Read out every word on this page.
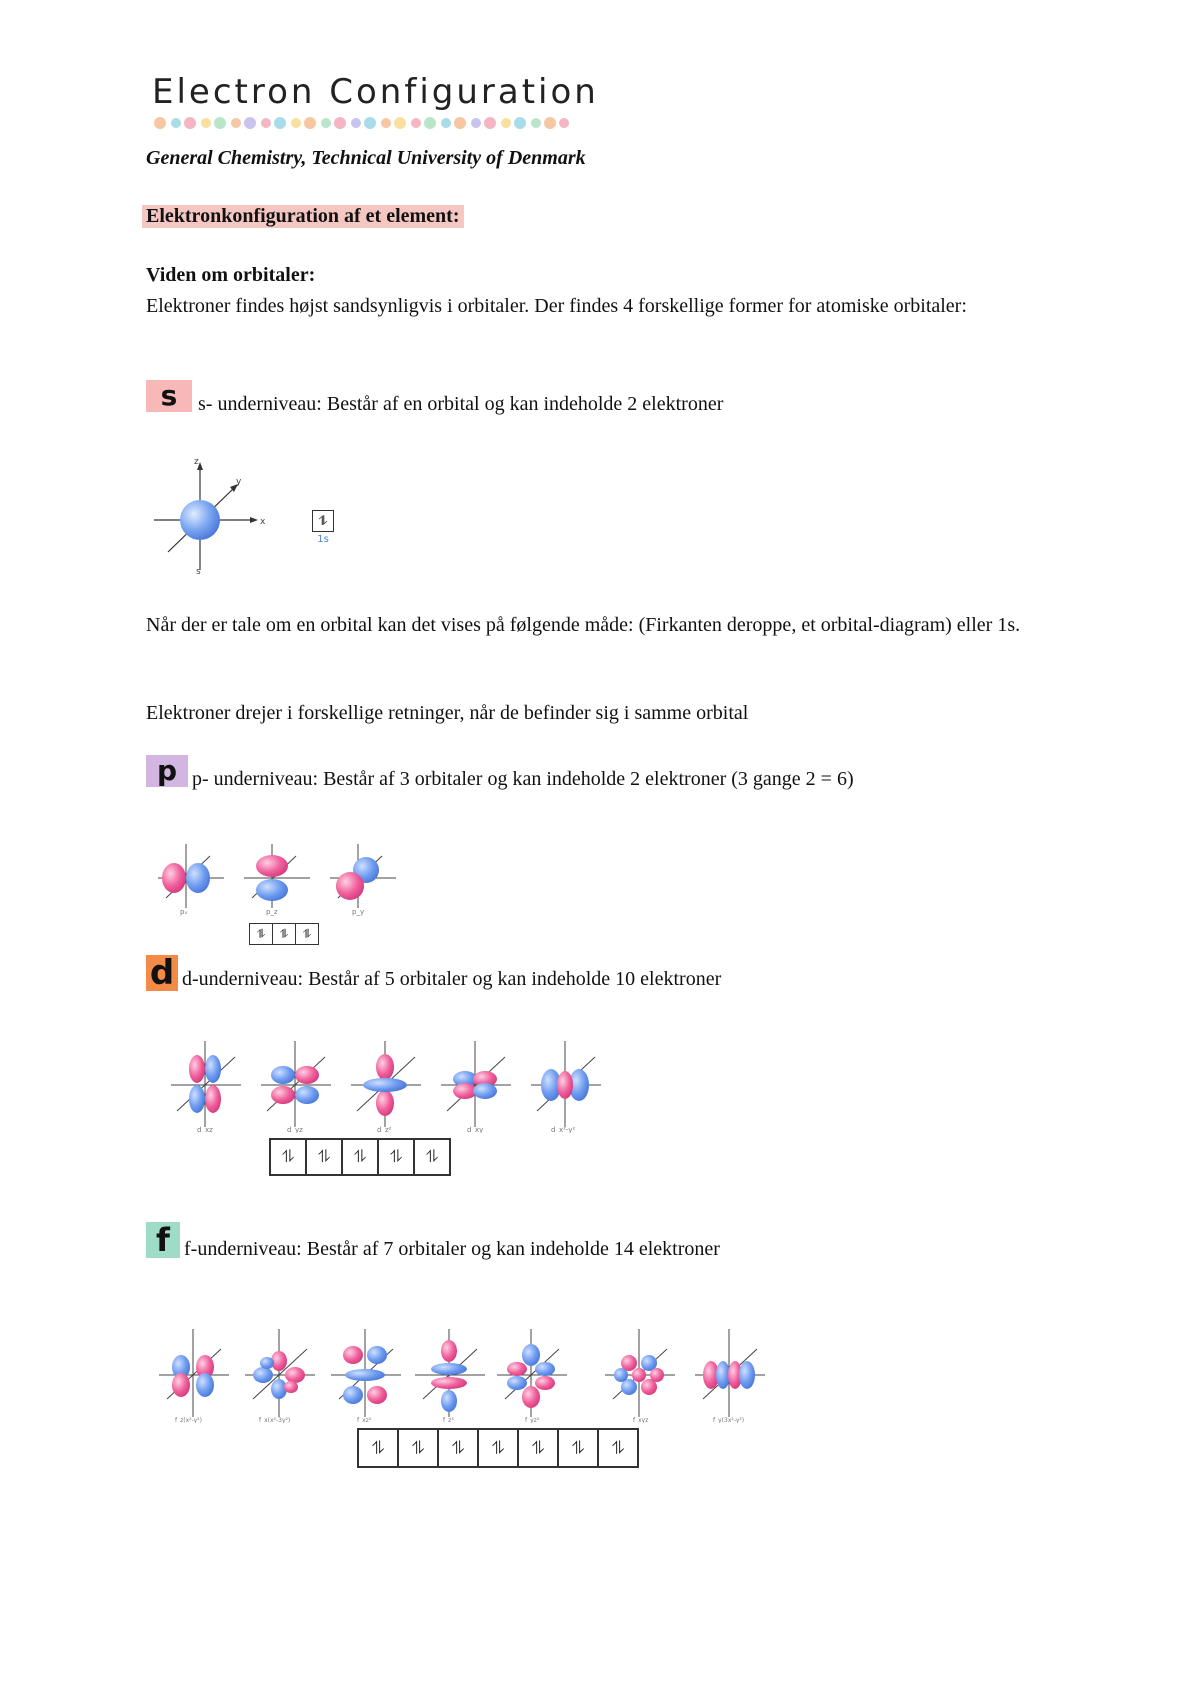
Electron Configuration
General Chemistry, Technical University of Denmark
Elektronkonfiguration af et element:
Viden om orbitaler:
Elektroner findes højst sandsynligvis i orbitaler. Der findes 4 forskellige former for atomiske orbitaler:
s	s- underniveau: Består af en orbital og kan indeholde 2 elektroner
z
x
y
s
⥮
1s
Når der er tale om en orbital kan det vises på følgende måde: (Firkanten deroppe, et orbital-diagram) eller 1s.
Elektroner drejer i forskellige retninger, når de befinder sig i samme orbital
p p- underniveau: Består af 3 orbitaler og kan indeholde 2 elektroner (3 gange 2 = 6)
pₓ	p_z	p_y
⥮	⥮	⥮
d d-underniveau: Består af 5 orbitaler og kan indeholde 10 elektroner
d_xz	d_yz	d_z²	d_xy	d_x²-y²
⥮	⥮	⥮	⥮	⥮
f f-underniveau: Består af 7 orbitaler og kan indeholde 14 elektroner
f_z(x²-y²)	f_x(x²-3y²)	f_xz²	f_z³	f_yz²	f_xyz	f_y(3x²-y²)
⥮	⥮	⥮	⥮	⥮	⥮	⥮
